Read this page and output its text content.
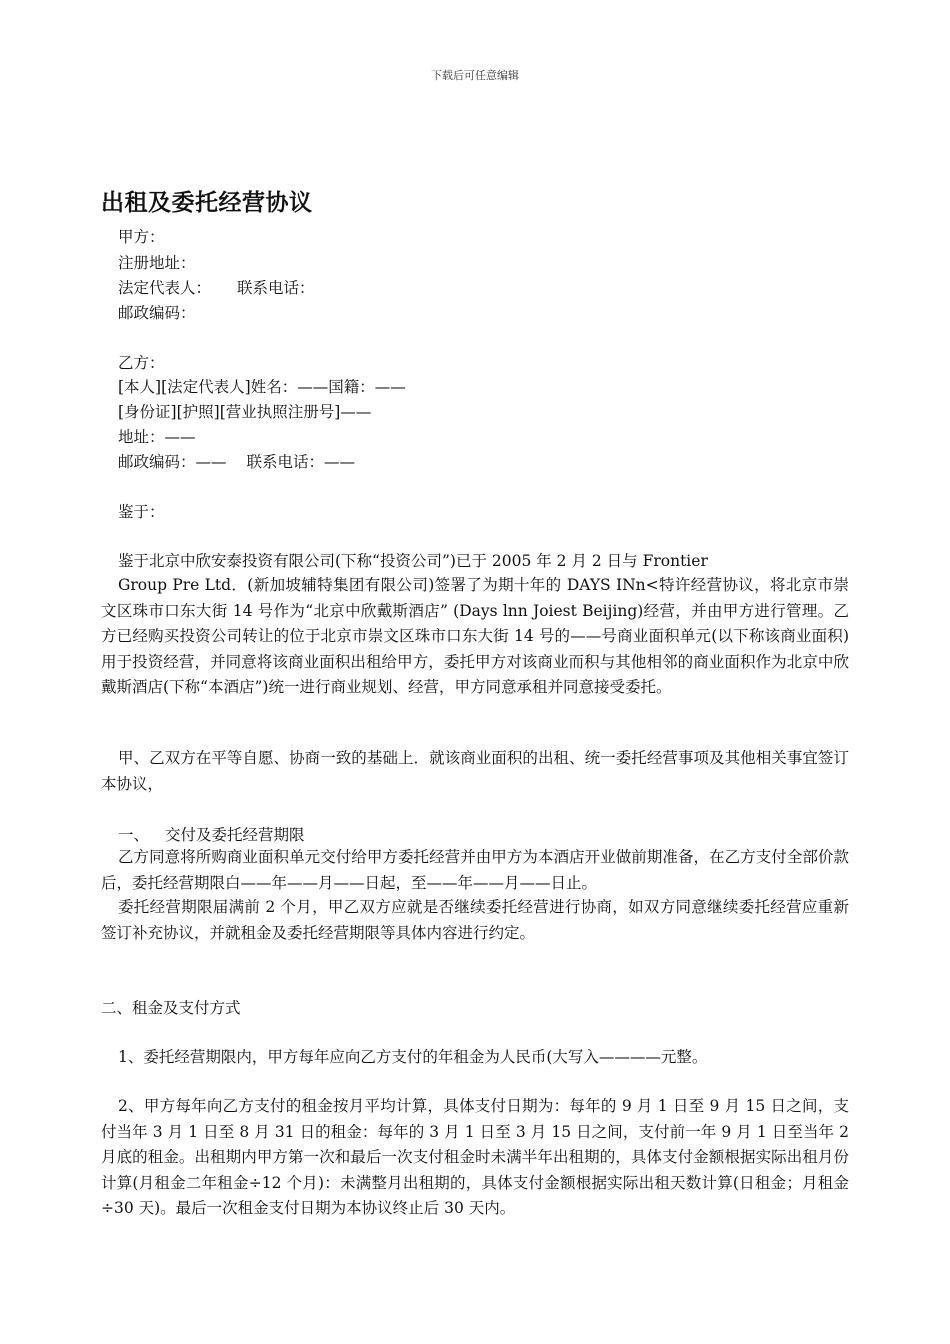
下载后可任意编辑
出租及委托经营协议

甲方：

注册地址：

法定代表人： 联系电话：

邮政编码：

乙方：

[本人][法定代表人]姓名：——国籍：——

[身份证][护照][营业执照注册号]——

地址：——

邮政编码：—— 联系电话：——

鉴于：

鉴于北京中欣安泰投资有限公司(下称“投资公司”)已于 2005 年 2 月 2 日与 Frontier

Group Pre Ltd．(新加坡辅特集团有限公司)签署了为期十年的 DAYS INn<特许经营协议，将北京市崇文区珠市口东大街 14 号作为“北京中欣戴斯酒店” (Days lnn Joiest Beijing)经营，并由甲方进行管理。乙方已经购买投资公司转让的位于北京市崇文区珠市口东大街 14 号的——号商业面积单元(以下称该商业面积)用于投资经营，并同意将该商业面积出租给甲方，委托甲方对该商业而积与其他相邻的商业面积作为北京中欣戴斯酒店(下称“本酒店”)统一进行商业规划、经营，甲方同意承租并同意接受委托。

甲、乙双方在平等自愿、协商一致的基础上．就该商业面积的出租、统一委托经营事项及其他相关事宜签订本协议，

一、 交付及委托经营期限

乙方同意将所购商业面积单元交付给甲方委托经营并由甲方为本酒店开业做前期准备，在乙方支付全部价款后，委托经营期限白——年——月——日起，至——年——月——日止。

委托经营期限届满前 2 个月，甲乙双方应就是否继续委托经营进行协商，如双方同意继续委托经营应重新签订补充协议，并就租金及委托经营期限等具体内容进行约定。

二、租金及支付方式

1、委托经营期限内，甲方每年应向乙方支付的年租金为人民币(大写入————元整。

2、甲方每年向乙方支付的租金按月平均计算，具体支付日期为：每年的 9 月 1 日至 9 月 15 日之间，支付当年 3 月 1 日至 8 月 31 日的租金：每年的 3 月 1 日至 3 月 15 日之间，支付前一年 9 月 1 日至当年 2 月底的租金。出租期内甲方第一次和最后一次支付租金时未满半年出租期的，具体支付金额根据实际出租月份计算(月租金二年租金÷12 个月)：未满整月出租期的，具体支付金额根据实际出租天数计算(日租金；月租金÷30 天)。最后一次租金支付日期为本协议终止后 30 天内。
